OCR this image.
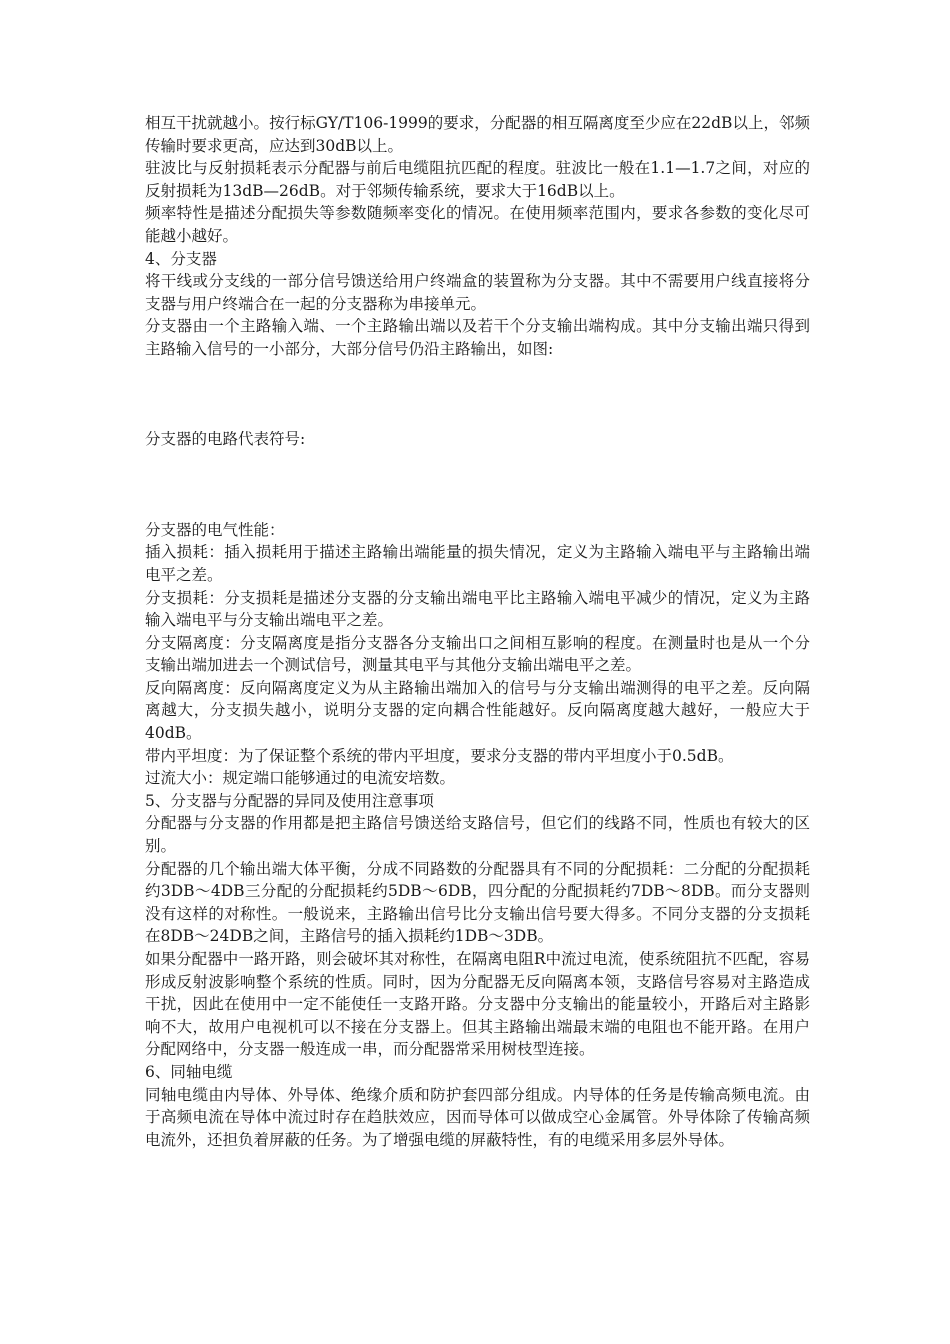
相互干扰就越小。按行标GY/T106-1999的要求，分配器的相互隔离度至少应在22dB以上，邻频传输时要求更高，应达到30dB以上。

驻波比与反射损耗表示分配器与前后电缆阻抗匹配的程度。驻波比一般在1.1—1.7之间，对应的反射损耗为13dB—26dB。对于邻频传输系统，要求大于16dB以上。

频率特性是描述分配损失等参数随频率变化的情况。在使用频率范围内，要求各参数的变化尽可能越小越好。

4、分支器

将干线或分支线的一部分信号馈送给用户终端盒的装置称为分支器。其中不需要用户线直接将分支器与用户终端合在一起的分支器称为串接单元。

分支器由一个主路输入端、一个主路输出端以及若干个分支输出端构成。其中分支输出端只得到主路输入信号的一小部分，大部分信号仍沿主路输出，如图:

分支器的电路代表符号:

分支器的电气性能：

插入损耗：插入损耗用于描述主路输出端能量的损失情况，定义为主路输入端电平与主路输出端电平之差。

分支损耗：分支损耗是描述分支器的分支输出端电平比主路输入端电平减少的情况，定义为主路输入端电平与分支输出端电平之差。

分支隔离度：分支隔离度是指分支器各分支输出口之间相互影响的程度。在测量时也是从一个分支输出端加进去一个测试信号，测量其电平与其他分支输出端电平之差。

反向隔离度：反向隔离度定义为从主路输出端加入的信号与分支输出端测得的电平之差。反向隔离越大，分支损失越小，说明分支器的定向耦合性能越好。反向隔离度越大越好，一般应大于40dB。

带内平坦度：为了保证整个系统的带内平坦度，要求分支器的带内平坦度小于0.5dB。

过流大小：规定端口能够通过的电流安培数。

5、分支器与分配器的异同及使用注意事项

分配器与分支器的作用都是把主路信号馈送给支路信号，但它们的线路不同，性质也有较大的区别。

分配器的几个输出端大体平衡，分成不同路数的分配器具有不同的分配损耗：二分配的分配损耗约3DB～4DB三分配的分配损耗约5DB～6DB，四分配的分配损耗约7DB～8DB。而分支器则没有这样的对称性。一般说来，主路输出信号比分支输出信号要大得多。不同分支器的分支损耗在8DB～24DB之间，主路信号的插入损耗约1DB～3DB。

如果分配器中一路开路，则会破坏其对称性，在隔离电阻R中流过电流，使系统阻抗不匹配，容易形成反射波影响整个系统的性质。同时，因为分配器无反向隔离本领，支路信号容易对主路造成干扰，因此在使用中一定不能使任一支路开路。分支器中分支输出的能量较小，开路后对主路影响不大，故用户电视机可以不接在分支器上。但其主路输出端最末端的电阻也不能开路。在用户分配网络中，分支器一般连成一串，而分配器常采用树枝型连接。

6、同轴电缆

同轴电缆由内导体、外导体、绝缘介质和防护套四部分组成。内导体的任务是传输高频电流。由于高频电流在导体中流过时存在趋肤效应，因而导体可以做成空心金属管。外导体除了传输高频电流外，还担负着屏蔽的任务。为了增强电缆的屏蔽特性，有的电缆采用多层外导体。
